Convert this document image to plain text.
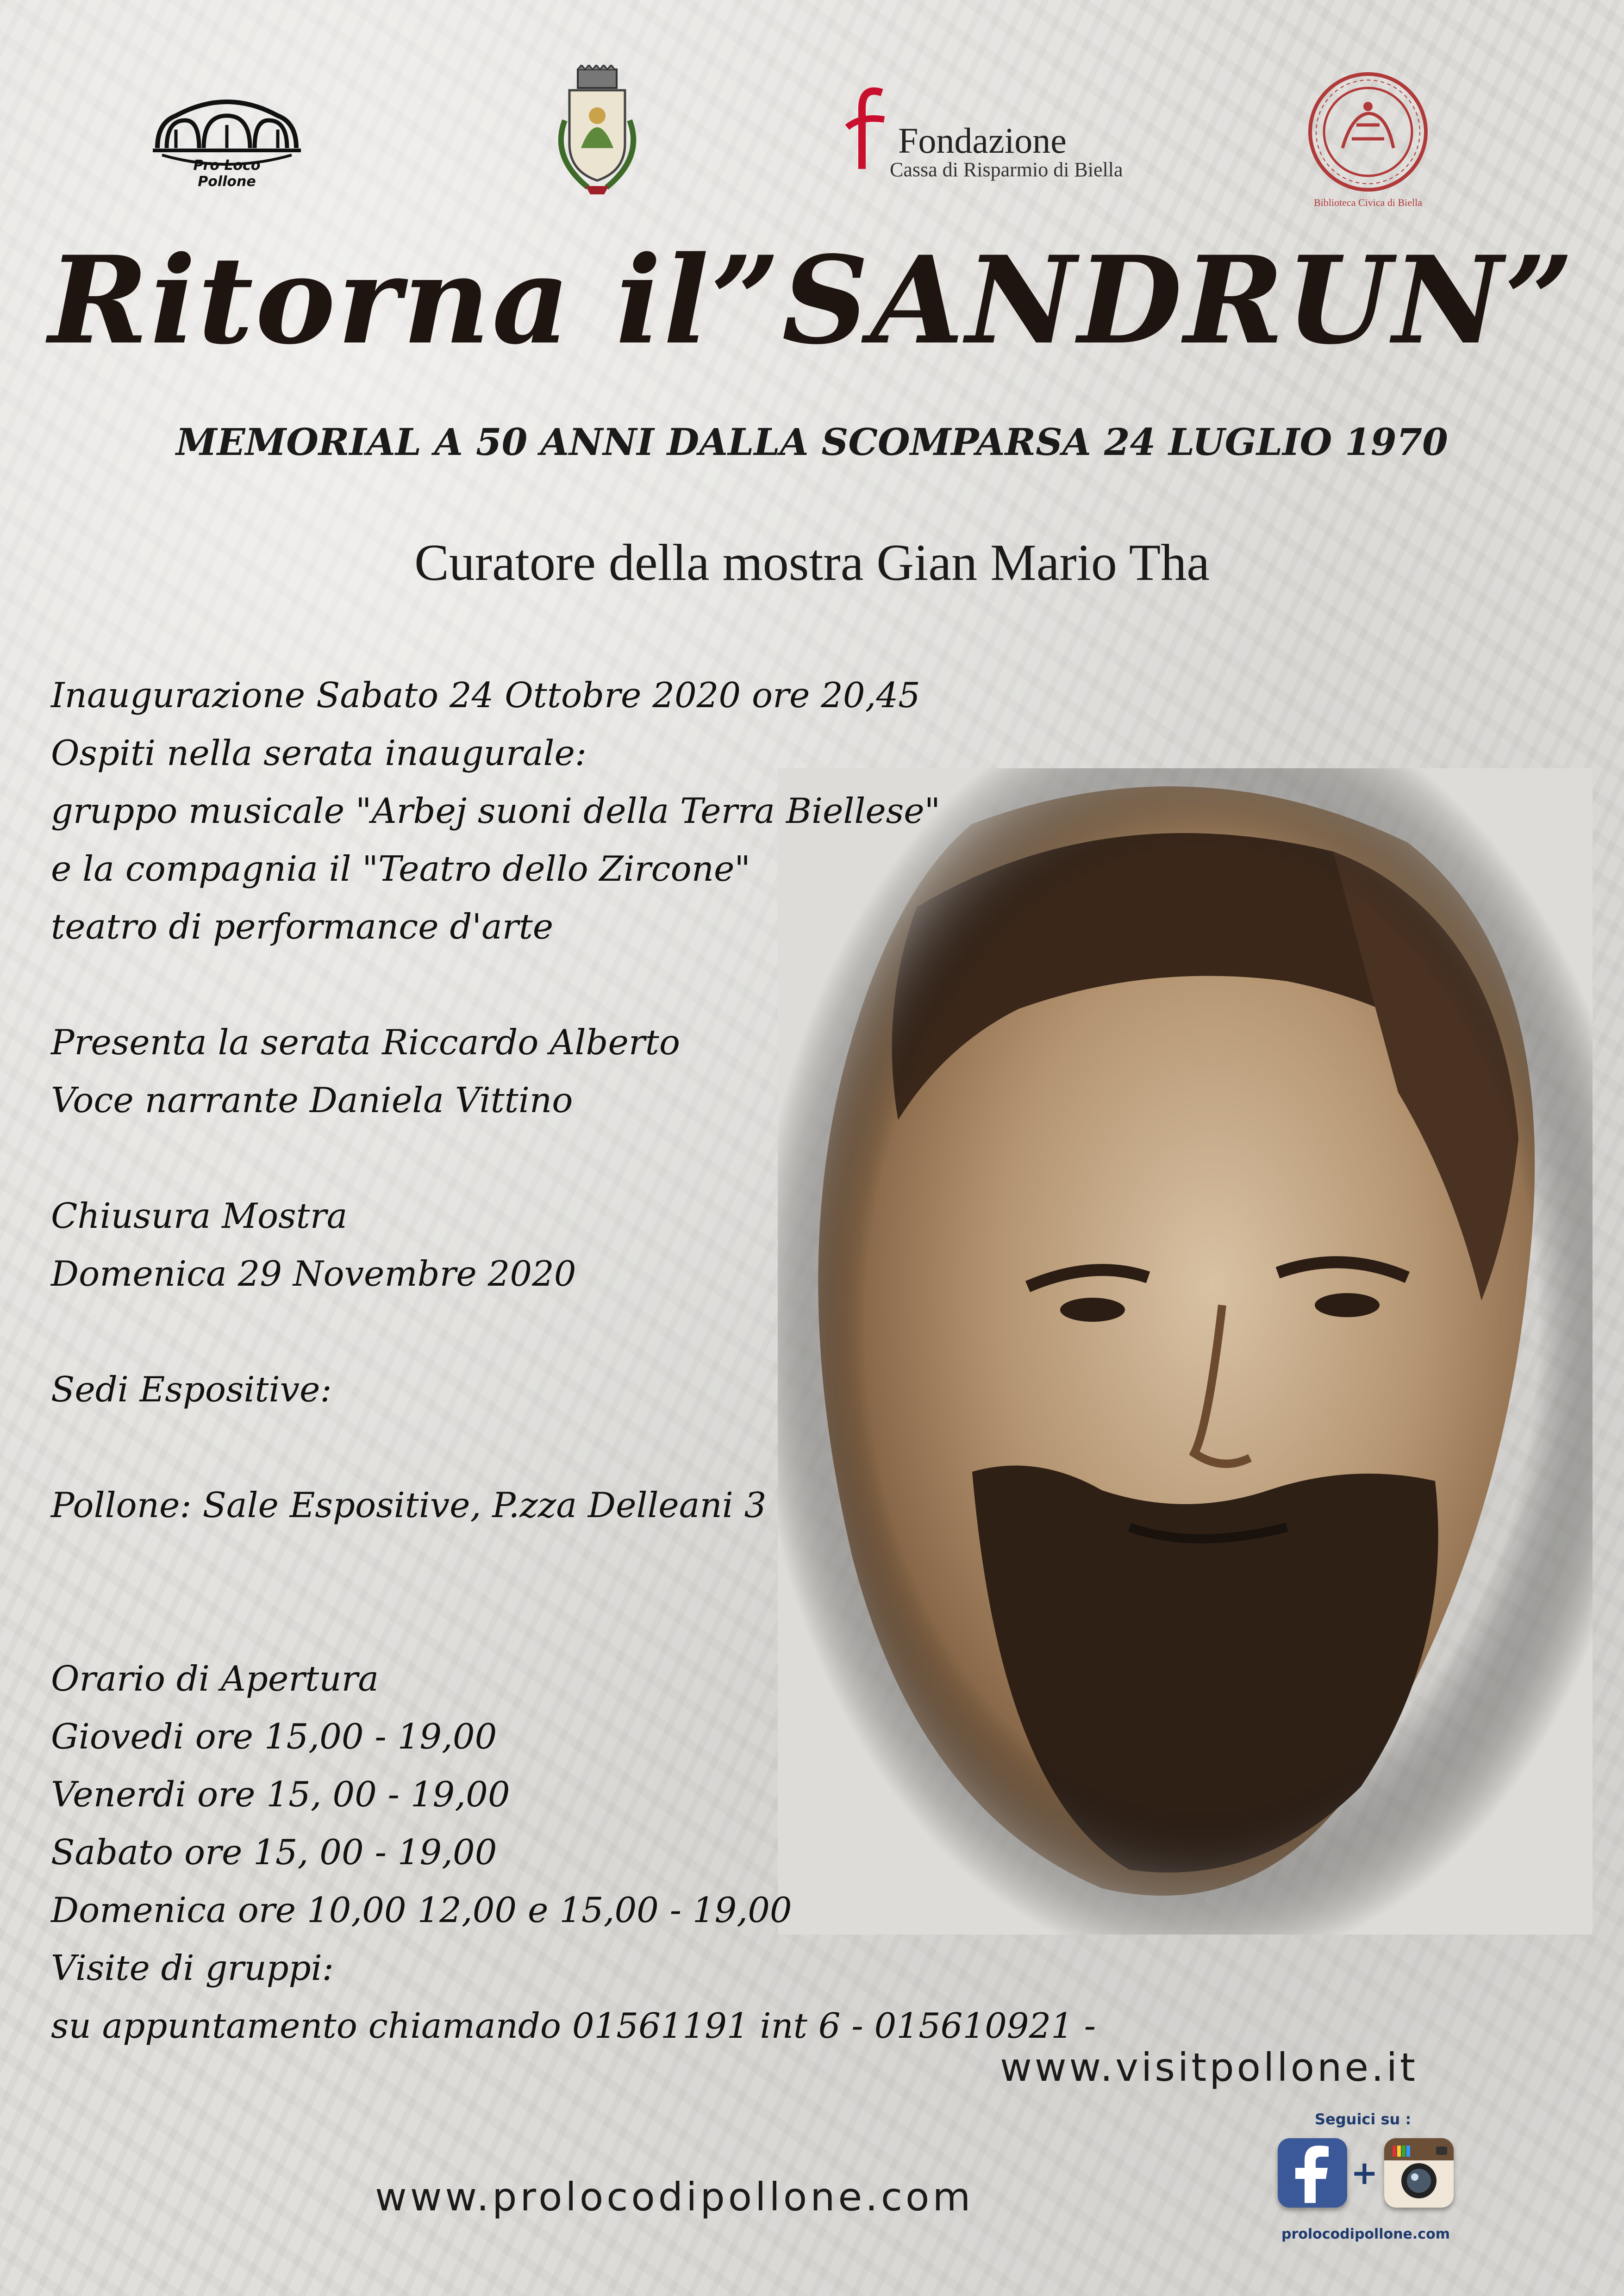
Pro Loco
Pollone
Fondazione
Cassa di Risparmio di Biella
Biblioteca Civica di Biella
Ritorna il”SANDRUN”
MEMORIAL A 50 ANNI DALLA SCOMPARSA 24 LUGLIO 1970
Curatore della mostra Gian Mario Tha
Inaugurazione Sabato 24 Ottobre 2020 ore 20,45
Ospiti nella serata inaugurale:
gruppo musicale "Arbej suoni della Terra Biellese"
e la compagnia il "Teatro dello Zircone"
teatro di performance d'arte
Presenta la serata Riccardo Alberto
Voce narrante Daniela Vittino
Chiusura Mostra
Domenica 29 Novembre 2020
Sedi Espositive:
Pollone: Sale Espositive, P.zza Delleani 3
Orario di Apertura
Giovedi ore 15,00 - 19,00
Venerdi ore 15, 00 - 19,00
Sabato ore 15, 00 - 19,00
Domenica ore 10,00 12,00 e 15,00 - 19,00
Visite di gruppi:
su appuntamento chiamando 01561191 int 6 - 015610921 -
www.visitpollone.it
www.prolocodipollone.com
Seguici su :
+
prolocodipollone.com
